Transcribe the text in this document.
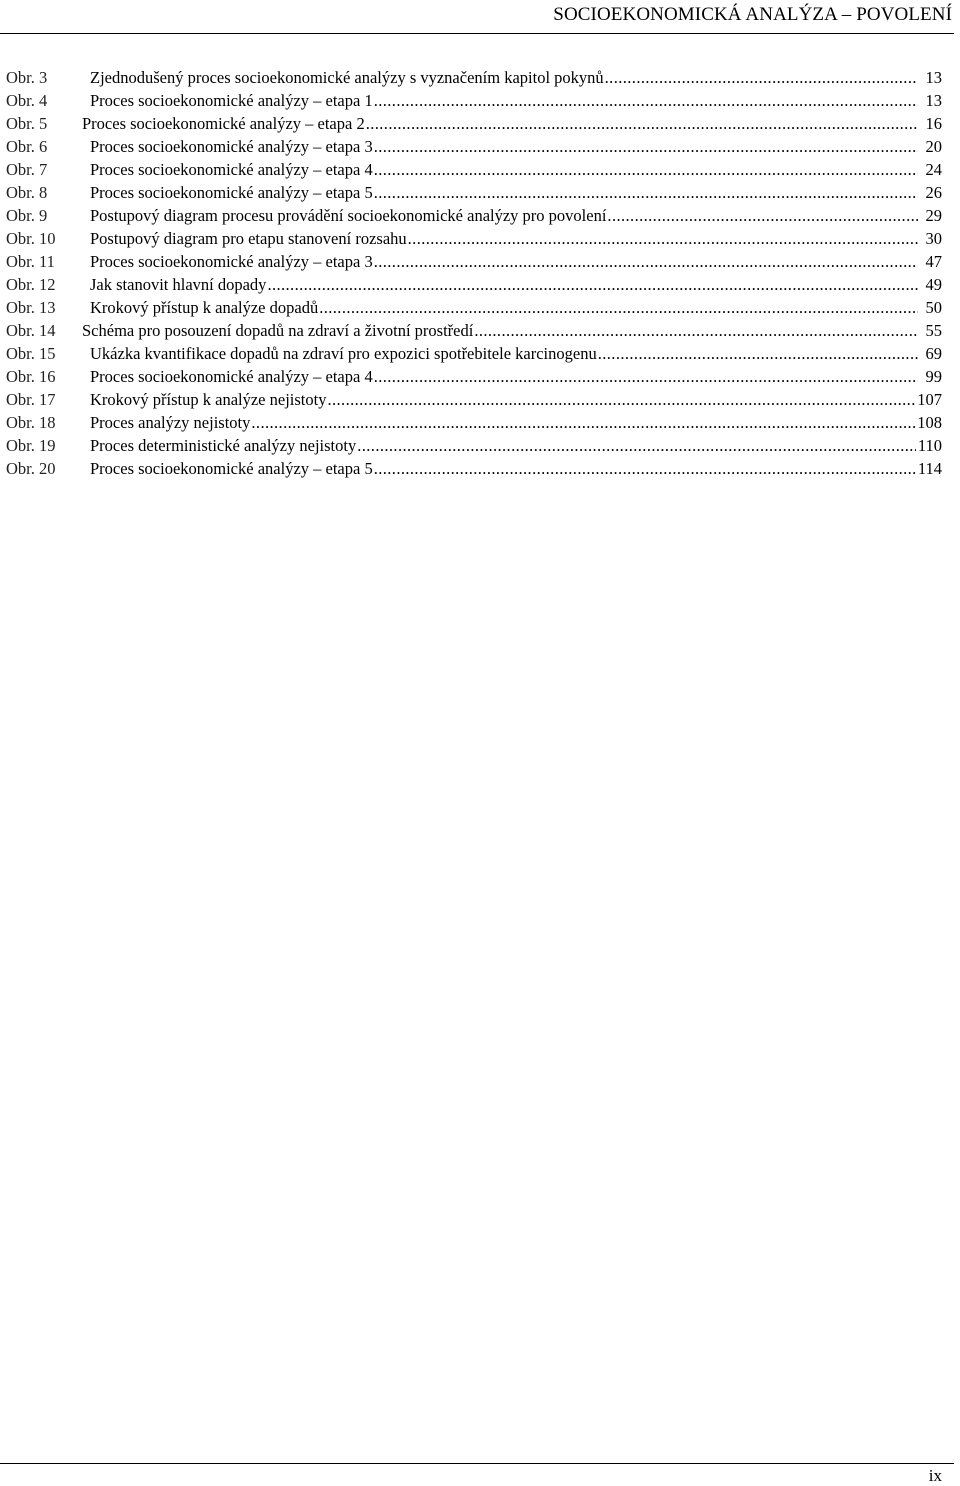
SOCIOEKONOMICKÁ ANALÝZA – POVOLENÍ
Obr. 3	Zjednodušený proces socioekonomické analýzy s vyznačením kapitol pokynů .....	13
Obr. 4	Proces socioekonomické analýzy – etapa 1 .....	13
Obr. 5	Proces socioekonomické analýzy – etapa 2 .....	16
Obr. 6	Proces socioekonomické analýzy – etapa 3 .....	20
Obr. 7	Proces socioekonomické analýzy – etapa 4 .....	24
Obr. 8	Proces socioekonomické analýzy – etapa 5 .....	26
Obr. 9	Postupový diagram procesu provádění socioekonomické analýzy pro povolení .....	29
Obr. 10	Postupový diagram pro etapu stanovení rozsahu .....	30
Obr. 11	Proces socioekonomické analýzy – etapa 3 .....	47
Obr. 12	Jak stanovit hlavní dopady .....	49
Obr. 13	Krokový přístup k analýze dopadů .....	50
Obr. 14	Schéma pro posouzení dopadů na zdraví a životní prostředí .....	55
Obr. 15	Ukázka kvantifikace dopadů na zdraví pro expozici spotřebitele karcinogenu .....	69
Obr. 16	Proces socioekonomické analýzy – etapa 4 .....	99
Obr. 17	Krokový přístup k analýze nejistoty .....	107
Obr. 18	Proces analýzy nejistoty .....	108
Obr. 19	Proces deterministické analýzy nejistoty .....	110
Obr. 20	Proces socioekonomické analýzy – etapa 5 .....	114
ix
